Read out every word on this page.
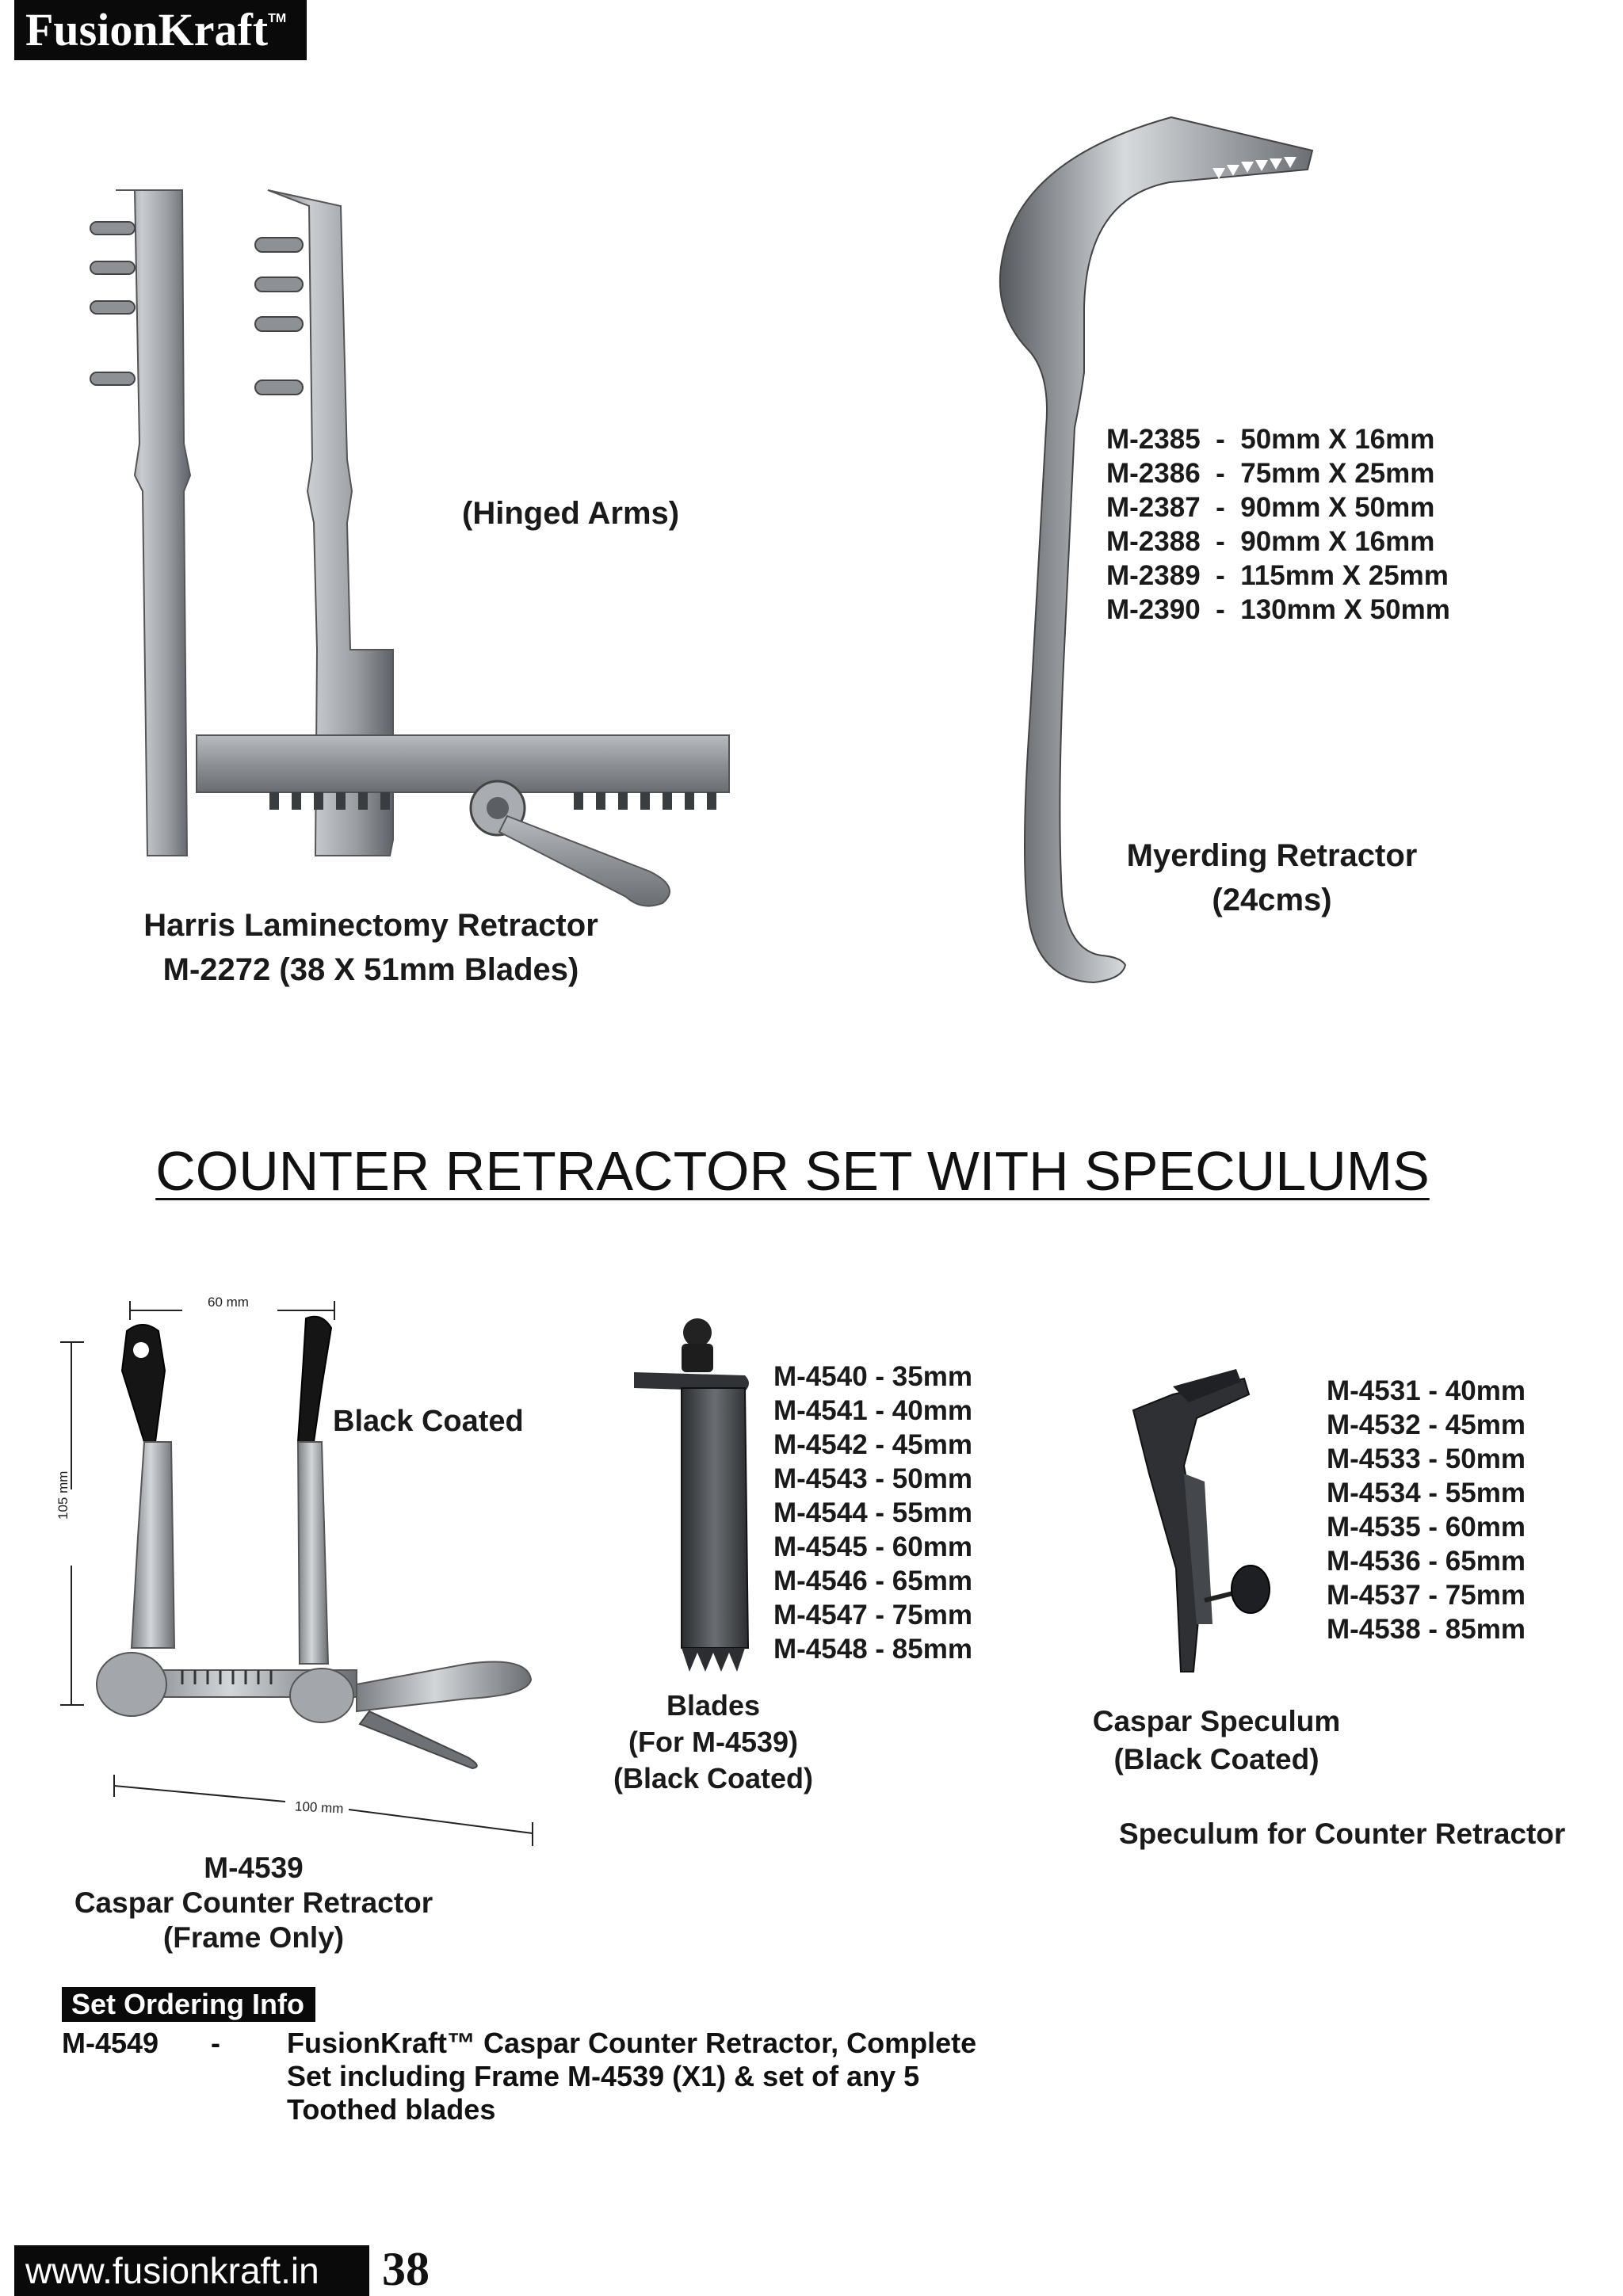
FusionKraft™
(Hinged Arms)
Harris Laminectomy Retractor
M-2272 (38 X 51mm Blades)
M-2385  -  50mm X 16mm
M-2386  -  75mm X 25mm
M-2387  -  90mm X 50mm
M-2388  -  90mm X 16mm
M-2389  -  115mm X 25mm
M-2390  -  130mm X 50mm
Myerding Retractor
(24cms)
COUNTER RETRACTOR SET WITH SPECULUMS
60 mm
105 mm
100 mm
Black Coated
M-4539
Caspar Counter Retractor
(Frame Only)
M-4540 - 35mm
M-4541 - 40mm
M-4542 - 45mm
M-4543 - 50mm
M-4544 - 55mm
M-4545 - 60mm
M-4546 - 65mm
M-4547 - 75mm
M-4548 - 85mm
Blades
(For M-4539)
(Black Coated)
M-4531 - 40mm
M-4532 - 45mm
M-4533 - 50mm
M-4534 - 55mm
M-4535 - 60mm
M-4536 - 65mm
M-4537 - 75mm
M-4538 - 85mm
Caspar Speculum
(Black Coated)
Speculum for Counter Retractor
Set Ordering Info
M-4549 - FusionKraft™ Caspar Counter Retractor, Complete
Set including Frame M-4539 (X1) & set of any 5
Toothed blades
www.fusionkraft.in	38
